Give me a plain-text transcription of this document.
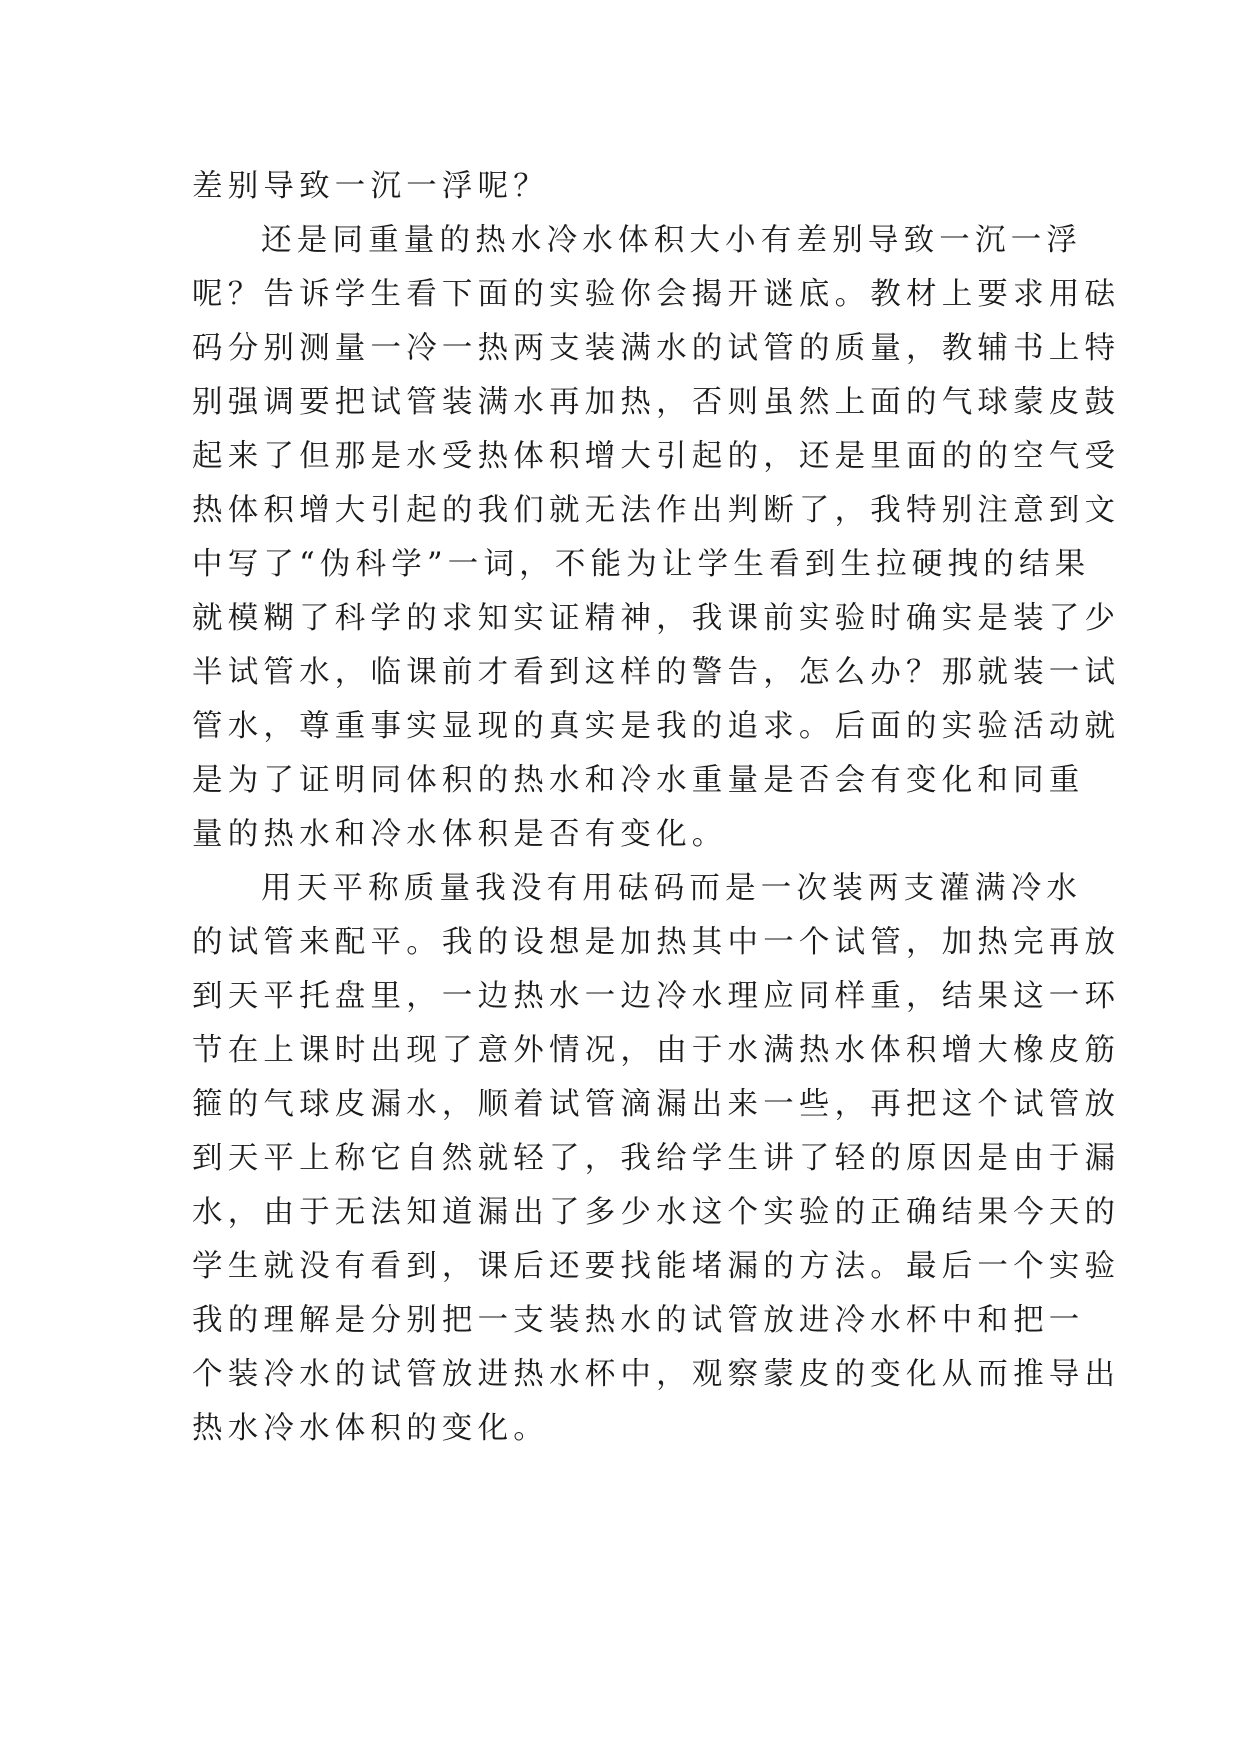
差别导致一沉一浮呢？
还是同重量的热水冷水体积大小有差别导致一沉一浮
呢？告诉学生看下面的实验你会揭开谜底。教材上要求用砝
码分别测量一冷一热两支装满水的试管的质量，教辅书上特
别强调要把试管装满水再加热，否则虽然上面的气球蒙皮鼓
起来了但那是水受热体积增大引起的，还是里面的的空气受
热体积增大引起的我们就无法作出判断了，我特别注意到文
中写了“伪科学”一词，不能为让学生看到生拉硬拽的结果
就模糊了科学的求知实证精神，我课前实验时确实是装了少
半试管水，临课前才看到这样的警告，怎么办？那就装一试
管水，尊重事实显现的真实是我的追求。后面的实验活动就
是为了证明同体积的热水和冷水重量是否会有变化和同重
量的热水和冷水体积是否有变化。
用天平称质量我没有用砝码而是一次装两支灌满冷水
的试管来配平。我的设想是加热其中一个试管，加热完再放
到天平托盘里，一边热水一边冷水理应同样重，结果这一环
节在上课时出现了意外情况，由于水满热水体积增大橡皮筋
箍的气球皮漏水，顺着试管滴漏出来一些，再把这个试管放
到天平上称它自然就轻了，我给学生讲了轻的原因是由于漏
水，由于无法知道漏出了多少水这个实验的正确结果今天的
学生就没有看到，课后还要找能堵漏的方法。最后一个实验
我的理解是分别把一支装热水的试管放进冷水杯中和把一
个装冷水的试管放进热水杯中，观察蒙皮的变化从而推导出
热水冷水体积的变化。
